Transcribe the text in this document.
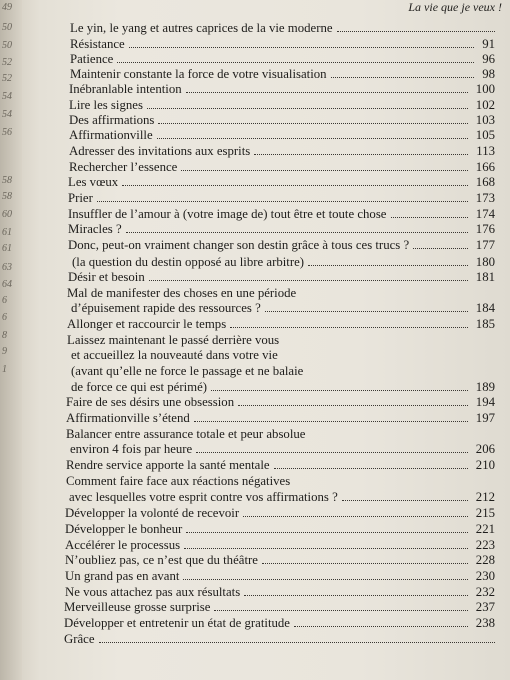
La vie que je veux !
Le yin, le yang et autres caprices de la vie moderne
Résistance	91
Patience	96
Maintenir constante la force de votre visualisation	98
Inébranlable intention	100
Lire les signes	102
Des affirmations	103
Affirmationville	105
Adresser des invitations aux esprits	113
Rechercher l’essence	166
Les vœux	168
Prier	173
Insuffler de l’amour à (votre image de) tout être et toute chose	174
Miracles ?	176
Donc, peut-on vraiment changer son destin grâce à tous ces trucs ?	177
(la question du destin opposé au libre arbitre)	180
Désir et besoin	181
Mal de manifester des choses en une période
d’épuisement rapide des ressources ?	184
Allonger et raccourcir le temps	185
Laissez maintenant le passé derrière vous
et accueillez la nouveauté dans votre vie
(avant qu’elle ne force le passage et ne balaie
de force ce qui est périmé)	189
Faire de ses désirs une obsession	194
Affirmationville s’étend	197
Balancer entre assurance totale et peur absolue
environ 4 fois par heure	206
Rendre service apporte la santé mentale	210
Comment faire face aux réactions négatives
avec lesquelles votre esprit contre vos affirmations ?	212
Développer la volonté de recevoir	215
Développer le bonheur	221
Accélérer le processus	223
N’oubliez pas, ce n’est que du théâtre	228
Un grand pas en avant	230
Ne vous attachez pas aux résultats	232
Merveilleuse grosse surprise	237
Développer et entretenir un état de gratitude	238
Grâce
49
50
50
52
52
54
54
56
58
58
60
61
61
63
64
6
6
8
9
1
